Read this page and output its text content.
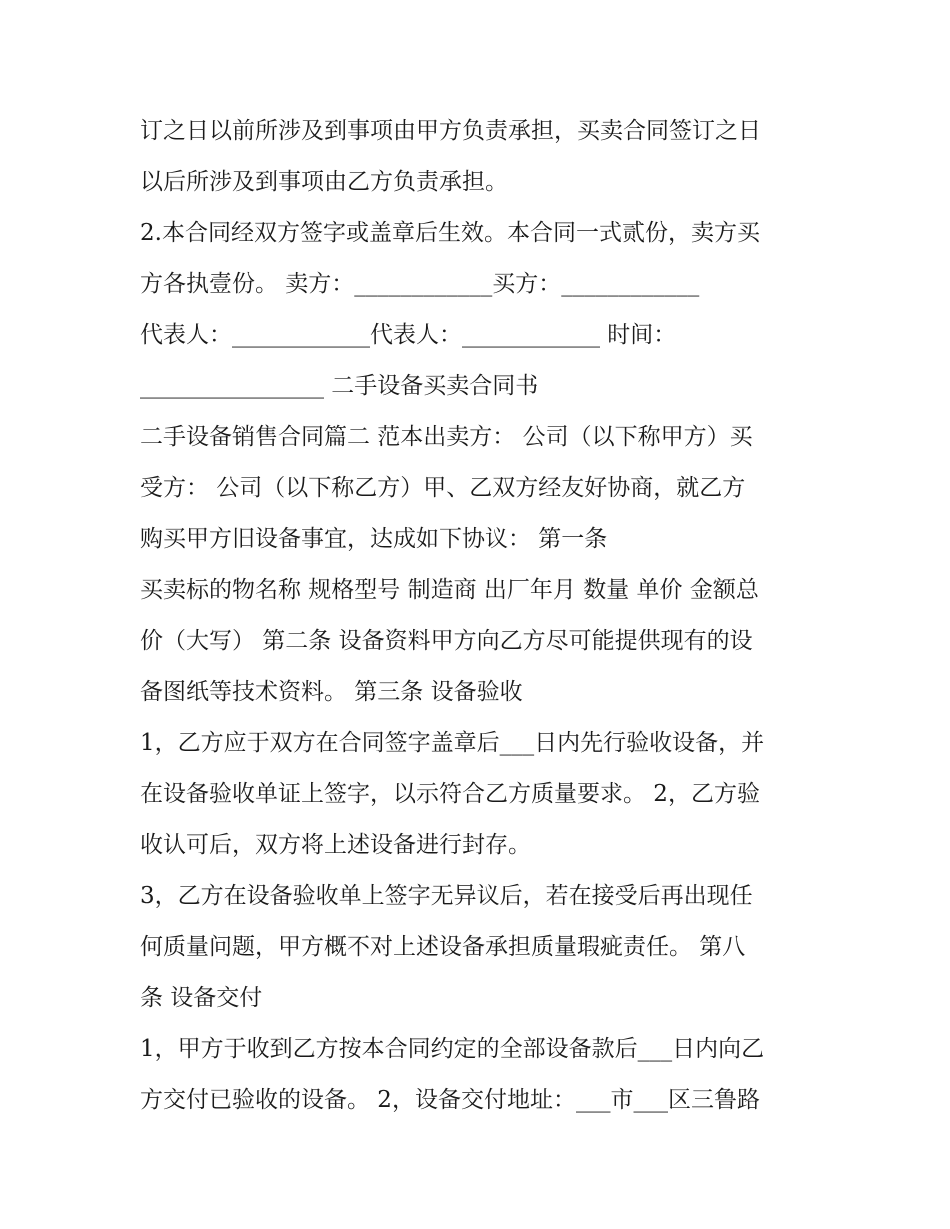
订之日以前所涉及到事项由甲方负责承担，买卖合同签订之日
以后所涉及到事项由乙方负责承担。
2.本合同经双方签字或盖章后生效。本合同一式贰份，卖方买
方各执壹份。 卖方：____________买方：____________
代表人：____________代表人：____________ 时间：
________________ 二手设备买卖合同书
二手设备销售合同篇二 范本出卖方： 公司（以下称甲方）买
受方： 公司（以下称乙方）甲、乙双方经友好协商，就乙方
购买甲方旧设备事宜，达成如下协议： 第一条
买卖标的物名称 规格型号 制造商 出厂年月 数量 单价 金额总
价（大写） 第二条 设备资料甲方向乙方尽可能提供现有的设
备图纸等技术资料。 第三条 设备验收
1，乙方应于双方在合同签字盖章后___日内先行验收设备，并
在设备验收单证上签字，以示符合乙方质量要求。 2，乙方验
收认可后，双方将上述设备进行封存。
3，乙方在设备验收单上签字无异议后，若在接受后再出现任
何质量问题，甲方概不对上述设备承担质量瑕疵责任。 第八
条 设备交付
1，甲方于收到乙方按本合同约定的全部设备款后___日内向乙
方交付已验收的设备。 2，设备交付地址：___市___区三鲁路
